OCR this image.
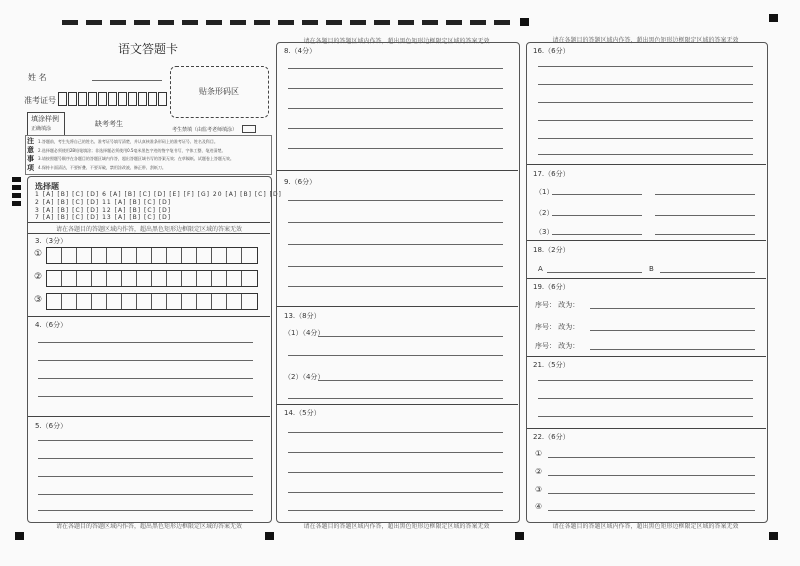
语文答题卡
姓 名
准考证号
贴条形码区
填涂样例
正确填涂
缺考考生
考生禁填（由监考老师填涂）
注
意
事
项
1.答题前，考生先将自己的姓名、准考证号填写清楚，并认真核准条形码上的准考证号、姓名及科目。
2.选择题必须使用2B铅笔填涂；非选择题必须使用0.5毫米黑色字迹的签字笔书写，字体工整、笔迹清楚。
3.请按照题号顺序在各题目的答题区域内作答，超出答题区域书写的答案无效；在草稿纸、试题卷上答题无效。
4.保持卡面清洁，不要折叠、不要弄破，禁用涂改液、修正带、刮纸刀。
选择题
1 [A] [B] [C] [D] 6 [A] [B] [C] [D] [E] [F] [G] 20 [A] [B] [C] [D]
2 [A] [B] [C] [D] 11 [A] [B] [C] [D]
3 [A] [B] [C] [D] 12 [A] [B] [C] [D]
7 [A] [B] [C] [D] 13 [A] [B] [C] [D]
请在各题目的答题区域内作答，超出黑色矩形边框限定区域的答案无效
3.（3分）
①
②
③
4.（6分）
5.（6分）
请在各题目的答题区域内作答，超出黑色矩形边框限定区域的答案无效
请在各题目的答题区域内作答，超出黑色矩形边框限定区域的答案无效
8.（4分）
9.（6分）
13.（8分）
（1）（4分）
（2）（4分）
14.（5分）
请在各题目的答题区域内作答，超出黑色矩形边框限定区域的答案无效
请在各题目的答题区域内作答，超出黑色矩形边框限定区域的答案无效
16.（6分）
17.（6分）
（1）
（2）
（3）
18.（2分）
A	B
19.（6分）
序号： 改为：
序号： 改为：
序号： 改为：
21.（5分）
22.（6分）
①
②
③
④
请在各题目的答题区域内作答，超出黑色矩形边框限定区域的答案无效
